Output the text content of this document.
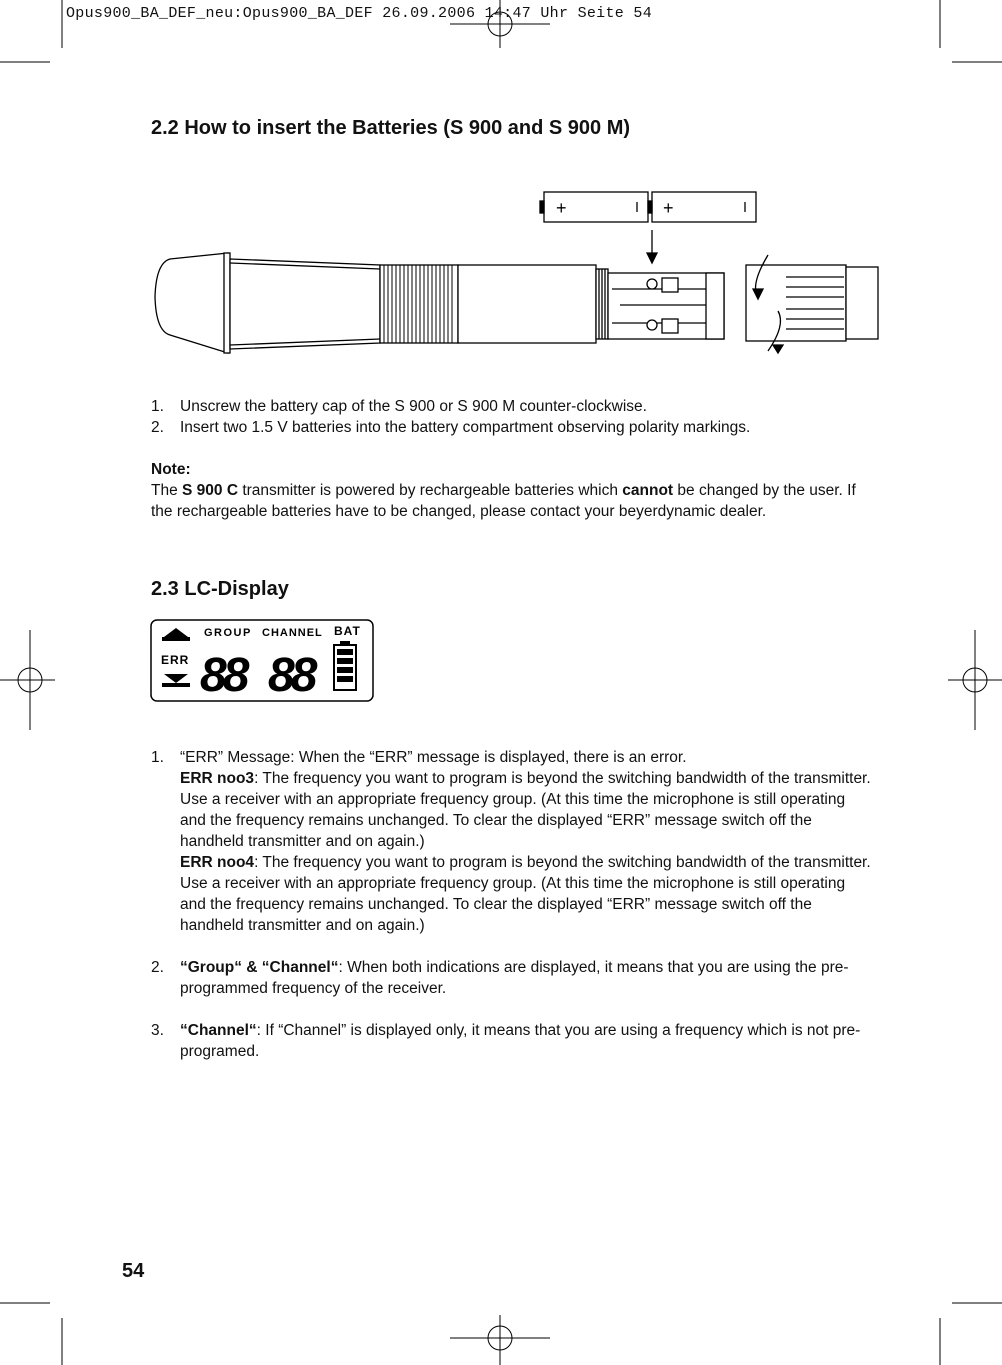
Opus900_BA_DEF_neu:Opus900_BA_DEF 26.09.2006 14:47 Uhr Seite 54
2.2 How to insert the Batteries (S 900 and S 900 M)
+	+
1. Unscrew the battery cap of the S 900 or S 900 M counter-clockwise.
2. Insert two 1.5 V batteries into the battery compartment observing polarity markings.
Note:
The S 900 C transmitter is powered by rechargeable batteries which cannot be changed by the user. If the rechargeable batteries have to be changed, please contact your beyerdynamic dealer.
2.3 LC-Display
GROUP CHANNEL BAT
ERR 88 88
1. “ERR” Message: When the “ERR” message is displayed, there is an error.
ERR noo3: The frequency you want to program is beyond the switching bandwidth of the transmitter. Use a receiver with an appropriate frequency group. (At this time the microphone is still operating and the frequency remains unchanged. To clear the displayed “ERR” message switch off the handheld transmitter and on again.)
ERR noo4: The frequency you want to program is beyond the switching bandwidth of the transmitter. Use a receiver with an appropriate frequency group. (At this time the microphone is still operating and the frequency remains unchanged. To clear the displayed “ERR” message switch off the handheld transmitter and on again.)
2. “Group“ & “Channel“: When both indications are displayed, it means that you are using the pre-programmed frequency of the receiver.
3. “Channel“: If “Channel” is displayed only, it means that you are using a frequency which is not pre-programed.
54
